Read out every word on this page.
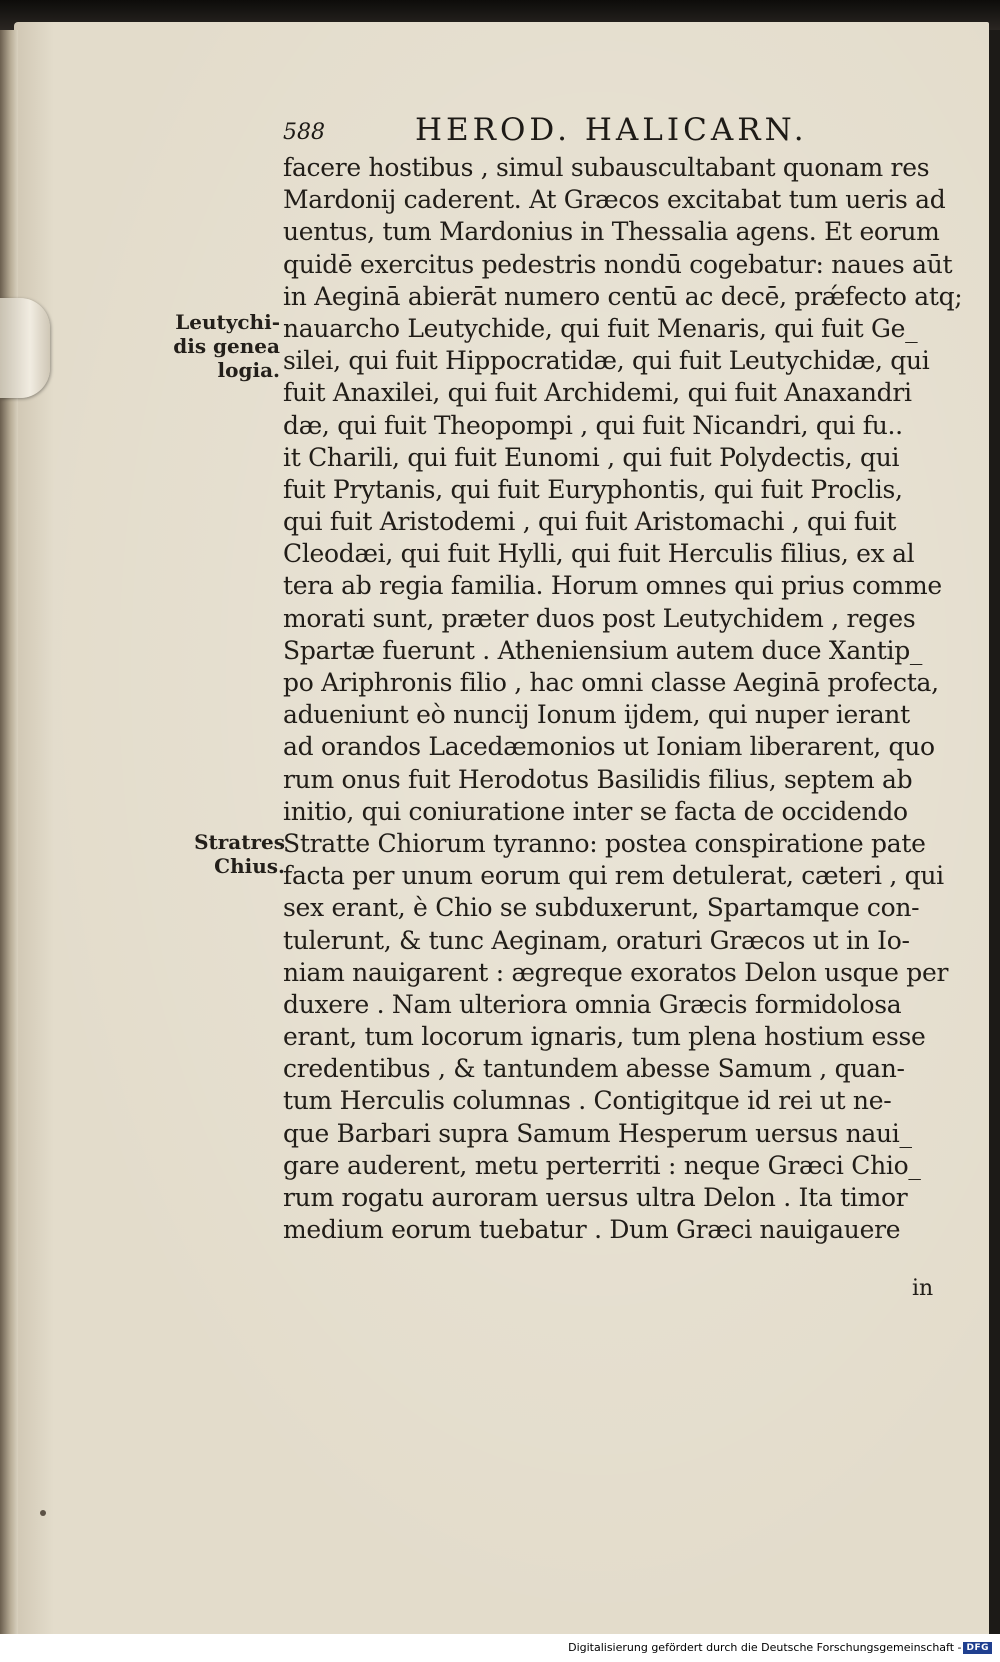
588	HEROD. HALICARN.
Leutychi-
dis genea
logia.
Stratres
Chius.
facere hostibus , simul subauscultabant quonam res
Mardonij caderent. At Græcos excitabat tum ueris ad
uentus, tum Mardonius in Thessalia agens. Et eorum
quidē exercitus pedestris nondū cogebatur: naues aūt
in Aeginā abierāt numero centū ac decē, prǽfecto atq;
nauarcho Leutychide, qui fuit Menaris, qui fuit Ge_
silei, qui fuit Hippocratidæ, qui fuit Leutychidæ, qui
fuit Anaxilei, qui fuit Archidemi, qui fuit Anaxandri
dæ, qui fuit Theopompi , qui fuit Nicandri, qui fu..
it Charili, qui fuit Eunomi , qui fuit Polydectis, qui
fuit Prytanis, qui fuit Euryphontis, qui fuit Proclis,
qui fuit Aristodemi , qui fuit Aristomachi , qui fuit
Cleodæi, qui fuit Hylli, qui fuit Herculis filius, ex al
tera ab regia familia. Horum omnes qui prius comme
morati sunt, præter duos post Leutychidem , reges
Spartæ fuerunt . Atheniensium autem duce Xantip_
po Ariphronis filio , hac omni classe Aeginā profecta,
adueniunt eò nuncij Ionum ijdem, qui nuper ierant
ad orandos Lacedæmonios ut Ioniam liberarent, quo
rum onus fuit Herodotus Basilidis filius, septem ab
initio, qui coniuratione inter se facta de occidendo
Stratte Chiorum tyranno: postea conspiratione pate
facta per unum eorum qui rem detulerat, cæteri , qui
sex erant, è Chio se subduxerunt, Spartamque con-
tulerunt, & tunc Aeginam, oraturi Græcos ut in Io-
niam nauigarent : ægreque exoratos Delon usque per
duxere . Nam ulteriora omnia Græcis formidolosa
erant, tum locorum ignaris, tum plena hostium esse
credentibus , & tantundem abesse Samum , quan-
tum Herculis columnas . Contigitque id rei ut ne-
que Barbari supra Samum Hesperum uersus naui_
gare auderent, metu perterriti : neque Græci Chio_
rum rogatu auroram uersus ultra Delon . Ita timor
medium eorum tuebatur . Dum Græci nauigauere
in
Digitalisierung gefördert durch die Deutsche Forschungsgemeinschaft - DFG
